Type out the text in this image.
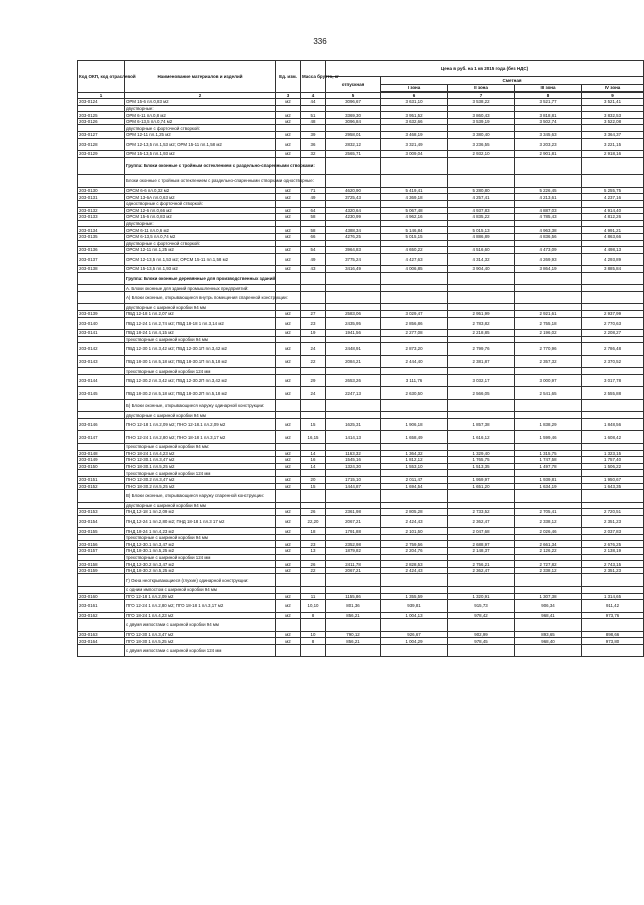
336
Код ОКП, код отраслевой	Наименование материалов и изделий	Ед. изм.	Масса брутто, кг	Цена в руб. на 1 кв 2015 года (без НДС)				
				отпускная	Сметная			
					I зона	II зона	III зона	IV зона

1	2	3	4	5	6	7	8	9
203-0124	ОРМ 15-6 пл.0,83 м2	м2	44	3096,67	3 631,10	3 538,22	3 521,77	3 521,41
	двустворные:							
203-0125	ОРМ 6-11 пл.0,8 м2	м2	51	3369,30	3 951,52	3 860,43	3 818,81	3 832,53
203-0126	ОРМ 6-13,5 пл.0,74 м2	м2	48	3096,84	3 632,66	3 539,19	3 502,74	3 522,08
	двустворные с форточной створкой:							
203-0127	ОРМ 12-11 пл.1,25 м2	м2	39	2958,01	3 468,19	3 380,40	3 345,63	3 364,37
203-0128	ОРМ 12-13,5 пл.1,53 м2; ОРМ 15-11 пл.1,58 м2	м2	36	2832,12	3 321,49	3 236,55	3 203,23	3 221,15
203-0129	ОРМ 15-13,5 пл.1,93 м2	м2	32	2565,71	3 009,04	2 932,10	2 901,81	2 918,16
	Группа: Блоки оконные с тройным остеклением с раздельно-спаренными створками:							
	Блоки оконные с тройным остеклением с раздельно-спаренными створками одностворные:							
203-0130	ОРСМ 6-6 пл.0,32 м2	м2	71	4620,90	5 419,41	5 280,80	5 226,45	5 255,75
203-0131	ОРСМ 13-6А пл.0,63 м2	м2	49	3725,43	4 369,18	4 257,41	4 213,61	4 237,16
	одностворные с форточной створкой:							
203-0132	ОРСМ 12-6 пл.0,66 м2	м2	64	4320,64	5 067,48	4 937,83	4 887,03	4 914,40
203-0133	ОРСМ 15-6 пл.0,83 м2	м2	58	4230,99	4 962,16	4 835,22	4 785,43	4 812,26
	двустворные:							
203-0134	ОРСМ 6-11 пл.0,6 м2	м2	58	4388,34	5 146,84	5 015,13	4 963,38	4 991,21
203-0135	ОРСМ 6-13,5 пл.0,74 м2	м2	66	4276,25	5 015,15	4 886,89	4 836,56	4 863,66
	двустворные с форточной створкой:							
203-0136	ОРСМ 12-11 пл.1,25 м2	м2	54	3964,83	4 650,22	4 516,60	4 473,09	4 498,13
203-0137	ОРСМ 12-13,5 пл.1,53 м2; ОРСМ 15-11 пл.1,58 м2	м2	49	3775,24	4 427,63	4 314,32	4 269,93	4 293,89
203-0138	ОРСМ 15-13,5 пл.1,93 м2	м2	43	3416,49	4 006,85	3 904,40	3 864,19	3 885,84
	Группа: Блоки оконные деревянные для производственных зданий							
	А. Блоки оконные для зданий промышленных предприятий:							
	А) Блоки оконные, открывающиеся внутрь помещения спаренной конструкции:							
	двустворные с шириной коробки 94 мм							
203-0139	ПВД 12-18 1 пл.2,07 м2	м2	27	2583,06	3 029,47	2 951,99	2 921,61	2 937,99
203-0140	ПВД 12-24 1 пл.2,74 м2; ПВД 18-18 1 пл.3,14 м2	м2	23	2435,95	2 856,86	2 783,82	2 755,18	2 770,63
203-0141	ПВД 18-24 1 пл.4,15 м2	м2	19	1941,56	2 277,08	2 218,85	2 196,02	2 208,27
	трехстворные с шириной коробки 94 мм							
203-0142	ПВД 12-30 1 пл.3,42 м2; ПВД 12-30.1П пл.3,42 м2	м2	24	2448,91	2 873,20	2 799,76	2 770,96	2 786,48
203-0143	ПВД 18-30 1 пл.5,18 м2; ПВД 18-30.1П пл.5,18 м2	м2	22	2084,21	2 444,40	2 381,87	2 357,32	2 370,52
	трехстворные с шириной коробки 124 мм							
203-0144	ПВД 12-30.2 пл.3,42 м2; ПВД 12-30.2П пл.3,42 м2	м2	29	2653,26	3 111,76	3 032,17	3 000,97	3 017,78
203-0145	ПВД 18-30.2 пл.5,18 м2; ПВД 18-30.2П пл.5,18 м2	м2	24	2247,13	2 630,50	2 566,05	2 541,65	2 555,88
	Б) Блоки оконные, открывающиеся наружу одинарной конструкции:							
	двустворные с шириной коробки 94 мм							
203-0146	ПНО 12-18 1 пл.2,09 м2; ПНО 12-18.1 пл.2,09 м2	м2	15	1625,31	1 906,18	1 857,38	1 838,29	1 848,56
203-0147	ПНО 12-24 1 пл.2,80 м2; ПНО 18-18 1 пл.3,17 м2	м2	16,15	1414,13	1 658,49	1 616,12	1 599,46	1 608,42
	трехстворные с шириной коробки 94 мм:							
203-0148	ПНО 18-24 1 пл.4,23 м2	м2	14	1163,32	1 364,32	1 329,40	1 315,75	1 323,15
203-0149	ПНО 12-30.1 пл.3,47 м2	м2	16	1545,16	1 812,12	1 765,75	1 747,58	1 757,40
203-0150	ПНО 18-30.1 пл.5,25 м2	м2	14	1324,30	1 553,10	1 513,35	1 497,78	1 506,22
	трехстворные с шириной коробки 124 мм							
203-0151	ПНО 12-30.2 пл.3,47 м2	м2	20	1715,10	2 011,47	1 959,97	1 939,81	1 950,67
203-0152	ПНО 18-30.2 пл.5,25 м2	м2	15	1444,87	1 694,54	1 651,20	1 634,19	1 643,35
	В) Блоки оконные, открывающиеся наружу спаренной конструкции:							
	двустворные с шириной коробки 94 мм							
203-0153	ПНД 12-18 1 пл.2,09 м2	м2	26	2361,98	2 805,28	2 733,52	2 705,41	2 720,51
203-0154	ПНД 12-24 1 пл.2,80 м2; ПНД 18-18 1 пл.3 17 м2	м2	22,20	2067,21	2 424,43	2 362,47	2 338,12	2 351,23
203-0155	ПНД 18-24 1 пл.4,23 м2	м2	18	1791,88	2 101,50	2 047,68	2 026,46	2 037,83
	трехстворные с шириной коробки 94 мм							
203-0156	ПНД 12-30.1 пл.3,47 м2	м2	23	2352,98	2 759,56	2 688,97	2 661,34	2 676,25
203-0157	ПНД 18-30.1 пл.5,25 м2	м2	13	1879,82	2 204,76	2 148,37	2 126,22	2 138,19
	трехстворные с шириной коробки 124 мм							
203-0158	ПНД 12-30.2 пл.3,47 м2	м2	26	2411,78	2 828,53	2 756,21	2 727,82	2 743,15
203-0159	ПНД 18-30.2 пл.5,25 м2	м2	22	2067,21	2 424,43	2 362,47	2 338,12	2 351,23
	Г) Окна неоткрывающиеся (глухие) одинарной конструкции:							
	с одним импостом с шириной коробки 94 мм							
203-0160	ПГО 12-18 1 пл.2,09 м2	м2	11	1155,86	1 355,59	1 320,91	1 307,38	1 314,65
203-0161	ПГО 12-24 1 пл.2,80 м2; ПГО 18-18 1 пл.3,17 м2	м2	10,10	801,36	939,81	915,73	906,34	911,42
203-0162	ПГО 18-24 1 пл.4,23 м2	м2	8	856,21	1 004,13	978,42	968,41	973,76
	с двумя импостами с шириной коробки 94 мм							
203-0163	ПГО 12-30 1 пл.3,47 м2	м2	10	790,12	926,67	902,99	893,65	898,66
203-0164	ПГО 18-30 1 пл.5,25 м2	м2	8	856,21	1 004,29	978,45	968,40	973,80
	с двумя импостами с шириной коробки 124 мм							
